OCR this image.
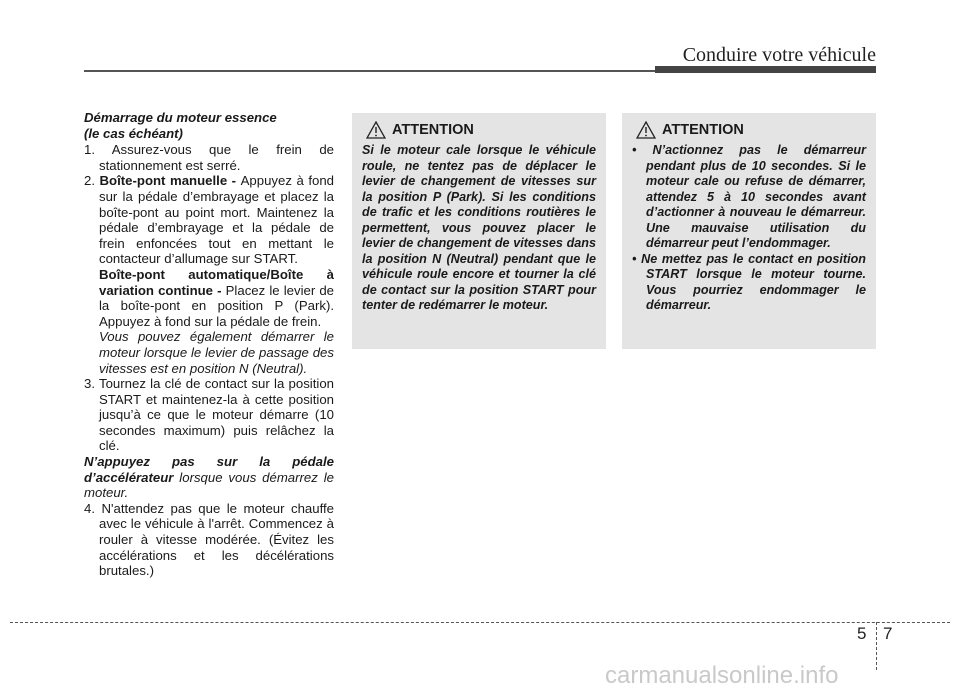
Conduire votre véhicule
Démarrage du moteur essence
(le cas échéant)
1. Assurez-vous que le frein de stationnement est serré.
2. Boîte-pont manuelle - Appuyez à fond sur la pédale d’embrayage et placez la boîte-pont au point mort. Maintenez la pédale d’embrayage et la pédale de frein enfoncées tout en mettant le contacteur d’allumage sur START.
Boîte-pont automatique/Boîte à variation continue - Placez le levier de la boîte-pont en position P (Park). Appuyez à fond sur la pédale de frein.
Vous pouvez également démarrer le moteur lorsque le levier de passage des vitesses est en position N (Neutral).
3. Tournez la clé de contact sur la position START et maintenez-la à cette position jusqu’à ce que le moteur démarre (10 secondes maximum) puis relâchez la clé.
N’appuyez pas sur la pédale d’accélérateur lorsque vous démarrez le moteur.
4. N'attendez pas que le moteur chauffe avec le véhicule à l'arrêt. Commencez à rouler à vitesse modérée. (Évitez les accélérations et les décélérations brutales.)
ATTENTION
Si le moteur cale lorsque le véhicule roule, ne tentez pas de déplacer le levier de changement de vitesses sur la position P (Park). Si les conditions de trafic et les conditions routières le permettent, vous pouvez placer le levier de changement de vitesses dans la position N (Neutral) pendant que le véhicule roule encore et tourner la clé de contact sur la position START pour tenter de redémarrer le moteur.
ATTENTION
• N’actionnez pas le démarreur pendant plus de 10 secondes. Si le moteur cale ou refuse de démarrer, attendez 5 à 10 secondes avant d’actionner à nouveau le démarreur. Une mauvaise utilisation du démarreur peut l’endommager.
• Ne mettez pas le contact en position START lorsque le moteur tourne. Vous pourriez endommager le démarreur.
5 7
carmanualsonline.info
